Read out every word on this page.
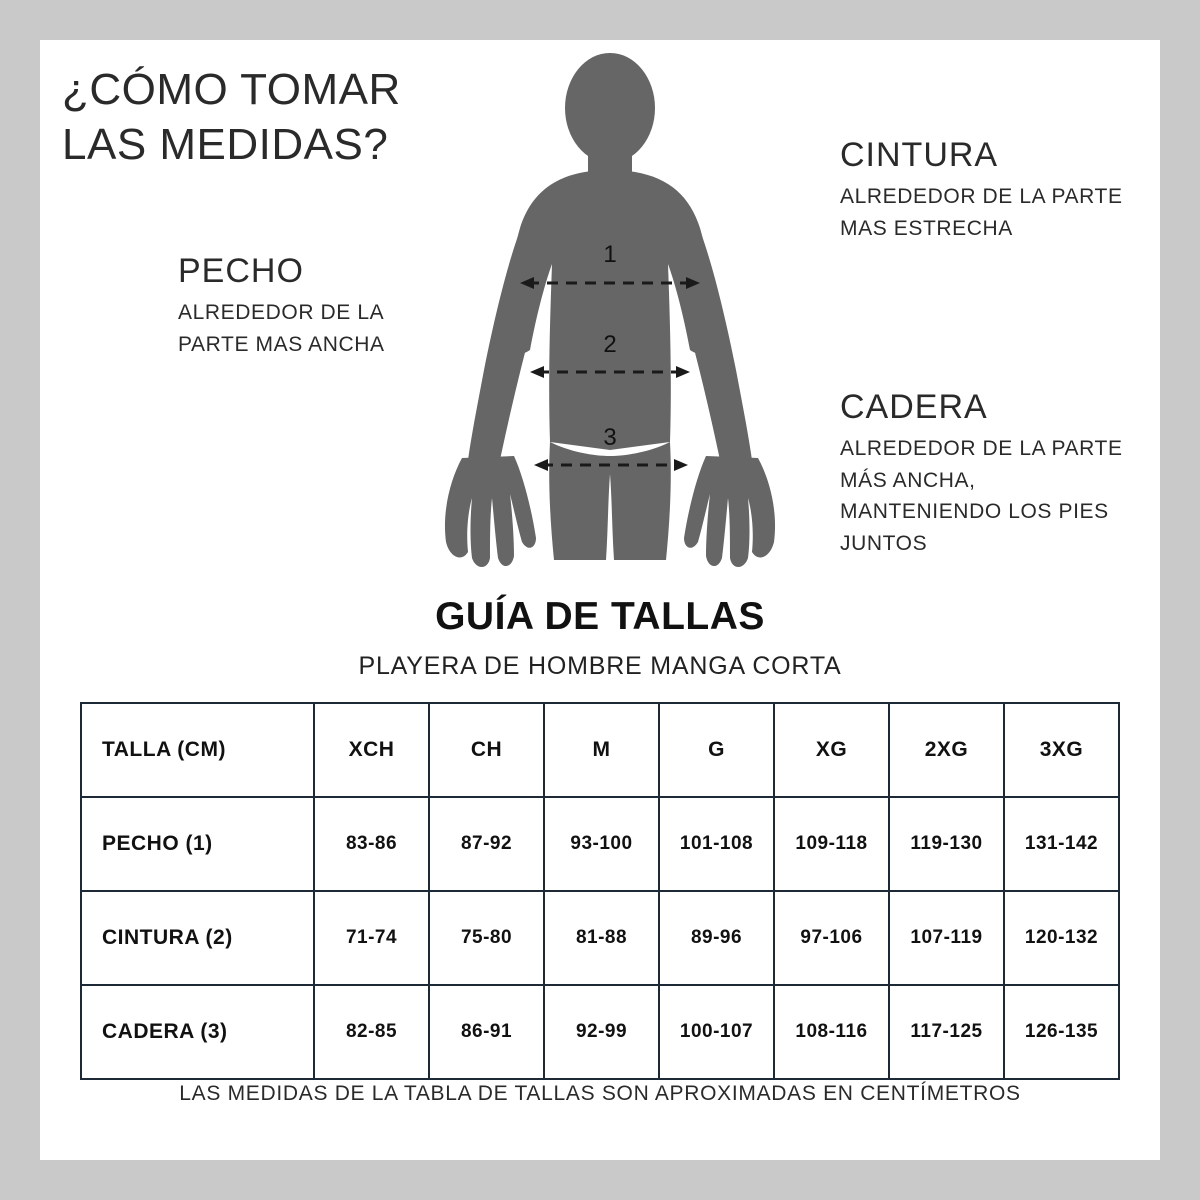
¿CÓMO TOMAR LAS MEDIDAS?
PECHO
ALREDEDOR DE LA PARTE MAS ANCHA
CINTURA
ALREDEDOR DE LA PARTE MAS ESTRECHA
CADERA
ALREDEDOR DE LA PARTE MÁS ANCHA, MANTENIENDO LOS PIES JUNTOS
1
2
3
GUÍA DE TALLAS
PLAYERA DE HOMBRE MANGA CORTA
TALLA (CM)	XCH	CH	M	G	XG	2XG	3XG
PECHO (1)	83-86	87-92	93-100	101-108	109-118	119-130	131-142
CINTURA (2)	71-74	75-80	81-88	89-96	97-106	107-119	120-132
CADERA (3)	82-85	86-91	92-99	100-107	108-116	117-125	126-135
LAS MEDIDAS DE LA TABLA DE TALLAS SON APROXIMADAS EN CENTÍMETROS
